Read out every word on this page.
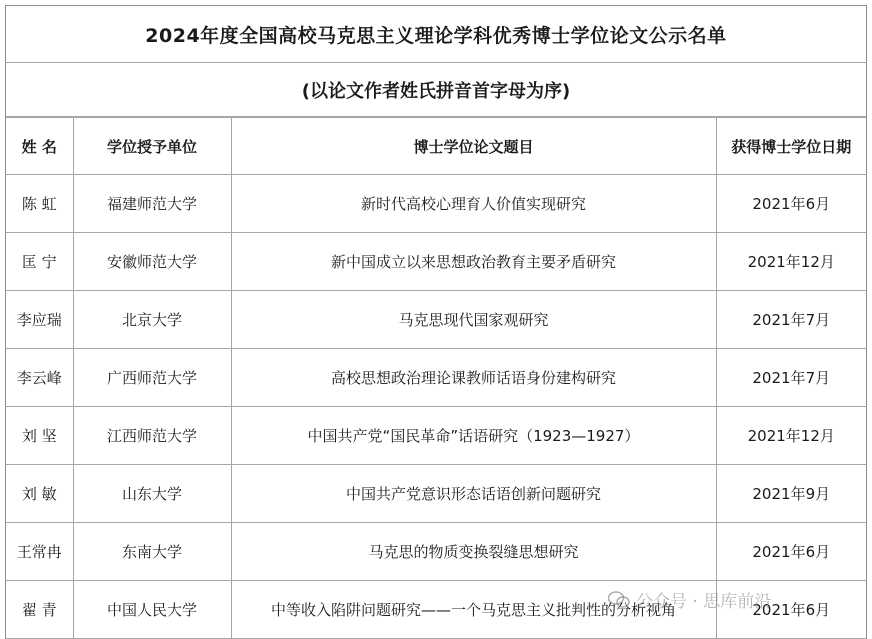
2024年度全国高校马克思主义理论学科优秀博士学位论文公示名单
(以论文作者姓氏拼音首字母为序)
姓 名	学位授予单位	博士学位论文题目	获得博士学位日期
陈 虹	福建师范大学	新时代高校心理育人价值实现研究	2021年6月
匡 宁	安徽师范大学	新中国成立以来思想政治教育主要矛盾研究	2021年12月
李应瑞	北京大学	马克思现代国家观研究	2021年7月
李云峰	广西师范大学	高校思想政治理论课教师话语身份建构研究	2021年7月
刘 坚	江西师范大学	中国共产党“国民革命”话语研究（1923—1927）	2021年12月
刘 敏	山东大学	中国共产党意识形态话语创新问题研究	2021年9月
王常冉	东南大学	马克思的物质变换裂缝思想研究	2021年6月
翟 青	中国人民大学	中等收入陷阱问题研究——一个马克思主义批判性的分析视角	2021年6月
公众号 · 思库前沿
